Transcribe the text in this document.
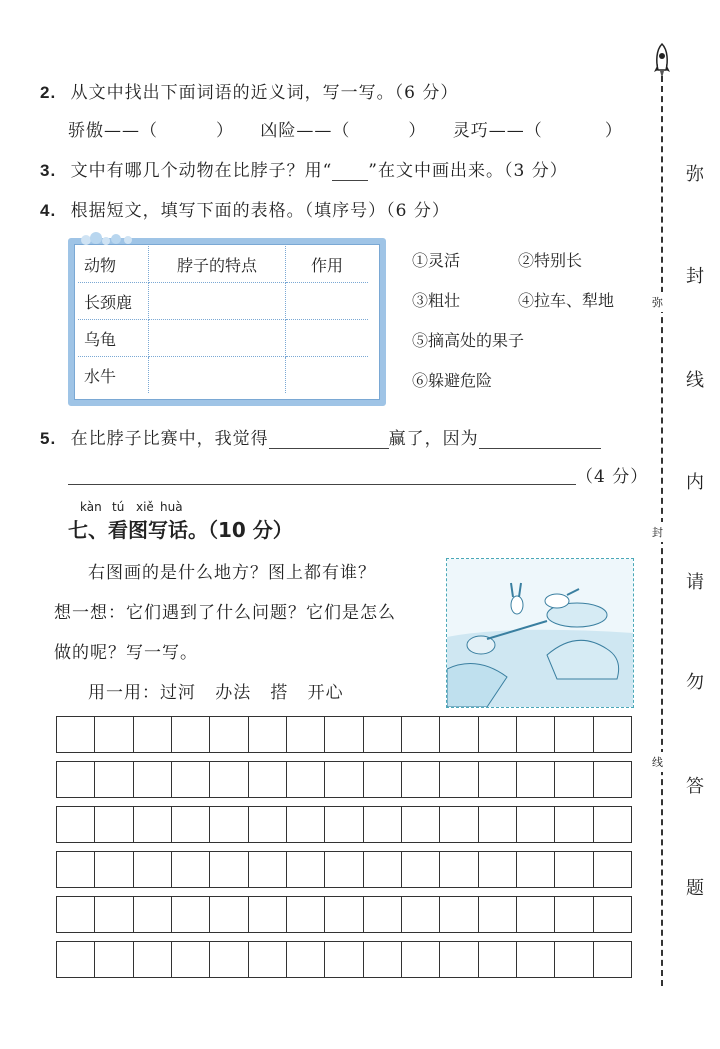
弥
封
线
内
请
勿
答
题
弥
封
线
2. 从文中找出下面词语的近义词，写一写。（6 分）
骄傲——（	） 凶险——（	） 灵巧——（	）
3. 文中有哪几个动物在比脖子？用“ ”在文中画出来。（3 分）
4. 根据短文，填写下面的表格。（填序号）（6 分）
动物	脖子的特点	作用
长颈鹿		
乌龟		
水牛		
①灵活	②特别长
③粗壮	④拉车、犁地
⑤摘高处的果子
⑥躲避危险
5. 在比脖子比赛中，我觉得	赢了，因为
（4 分）
kàn tú xiě huà
七、看图写话。（10 分）
右图画的是什么地方？图上都有谁？
想一想：它们遇到了什么问题？它们是怎么
做的呢？写一写。
用一用：过河   办法   搭   开心
